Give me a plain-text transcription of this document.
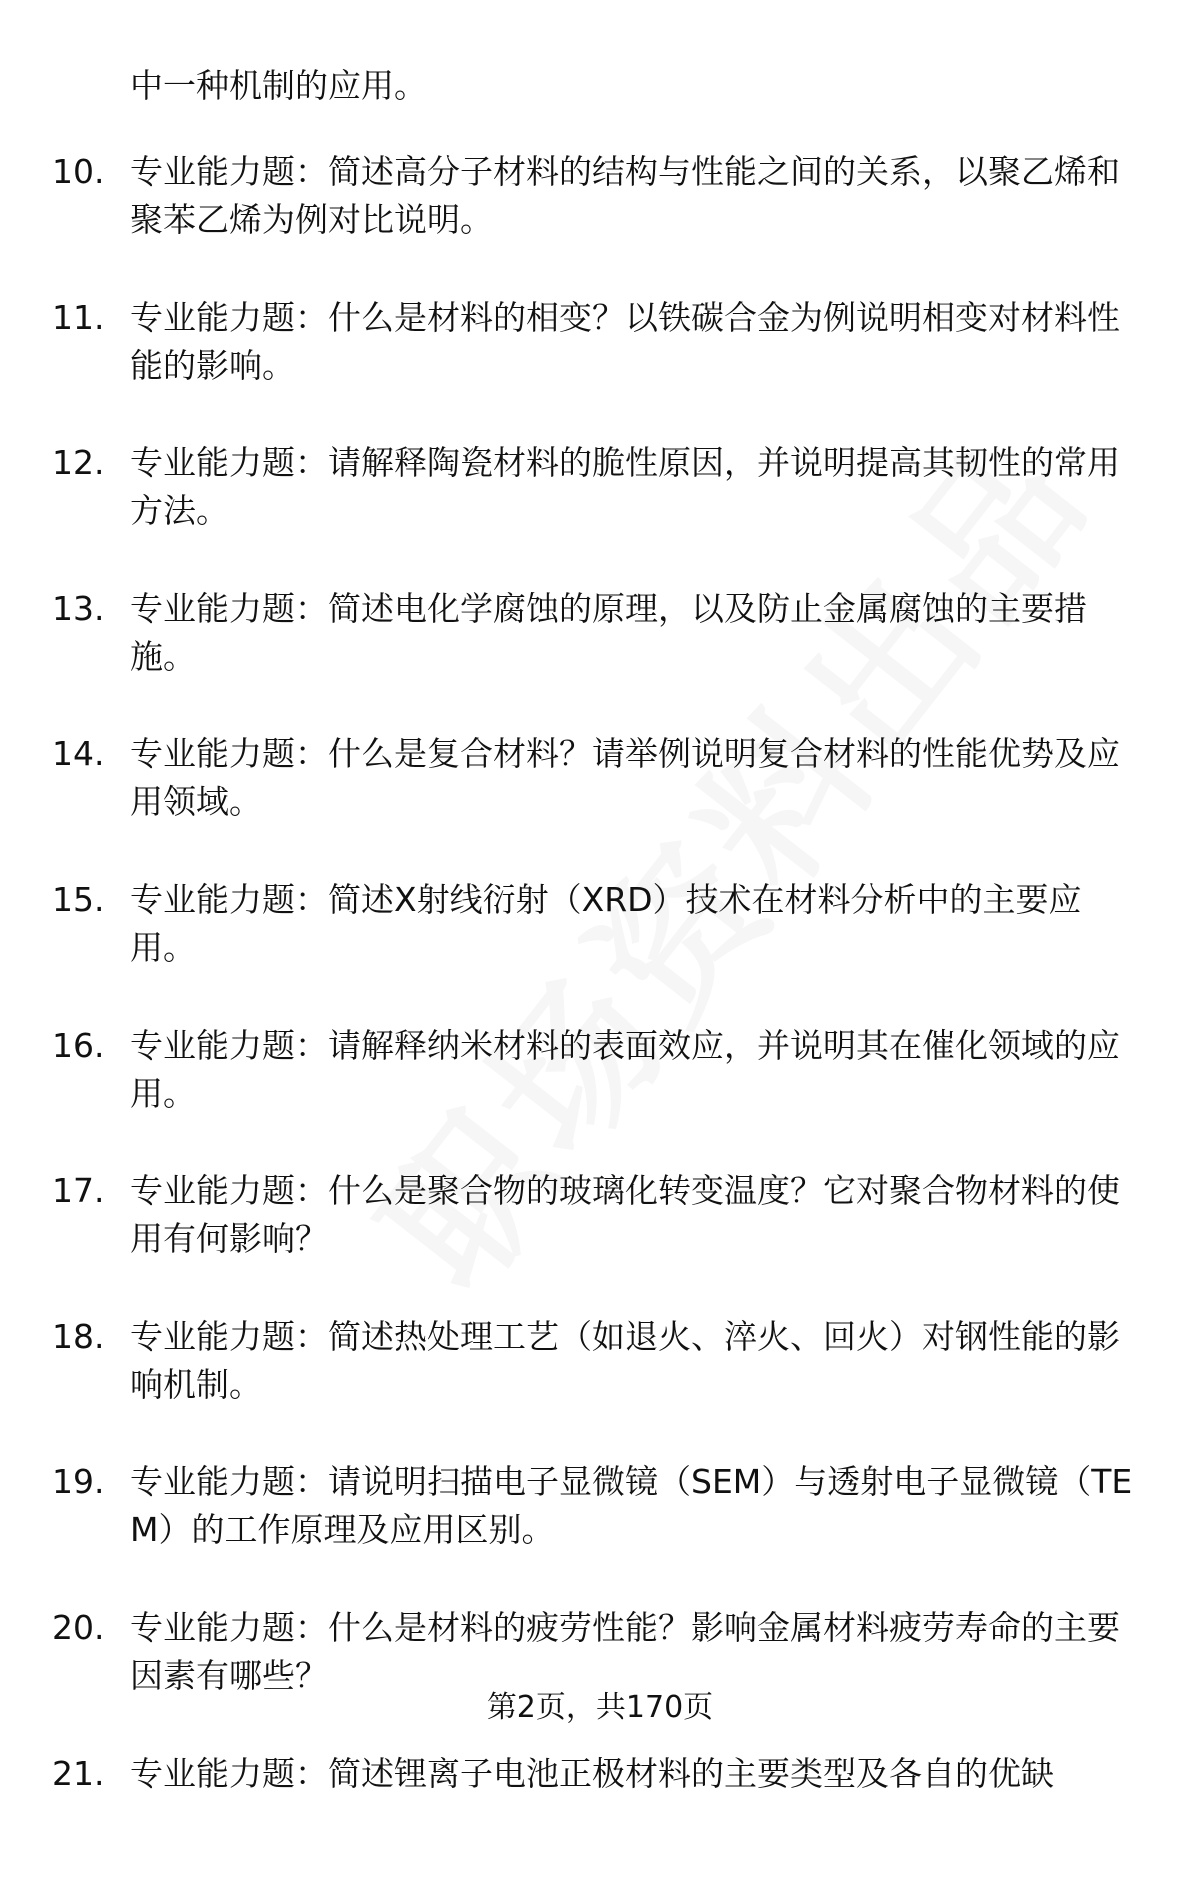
中一种机制的应用。
10. 专业能力题：简述高分子材料的结构与性能之间的关系，以聚乙烯和聚苯乙烯为例对比说明。
11. 专业能力题：什么是材料的相变？以铁碳合金为例说明相变对材料性能的影响。
12. 专业能力题：请解释陶瓷材料的脆性原因，并说明提高其韧性的常用方法。
13. 专业能力题：简述电化学腐蚀的原理，以及防止金属腐蚀的主要措施。
14. 专业能力题：什么是复合材料？请举例说明复合材料的性能优势及应用领域。
15. 专业能力题：简述X射线衍射（XRD）技术在材料分析中的主要应用。
16. 专业能力题：请解释纳米材料的表面效应，并说明其在催化领域的应用。
17. 专业能力题：什么是聚合物的玻璃化转变温度？它对聚合物材料的使用有何影响？
18. 专业能力题：简述热处理工艺（如退火、淬火、回火）对钢性能的影响机制。
19. 专业能力题：请说明扫描电子显微镜（SEM）与透射电子显微镜（TEM）的工作原理及应用区别。
20. 专业能力题：什么是材料的疲劳性能？影响金属材料疲劳寿命的主要因素有哪些？
21. 专业能力题：简述锂离子电池正极材料的主要类型及各自的优缺
第2页，共170页
